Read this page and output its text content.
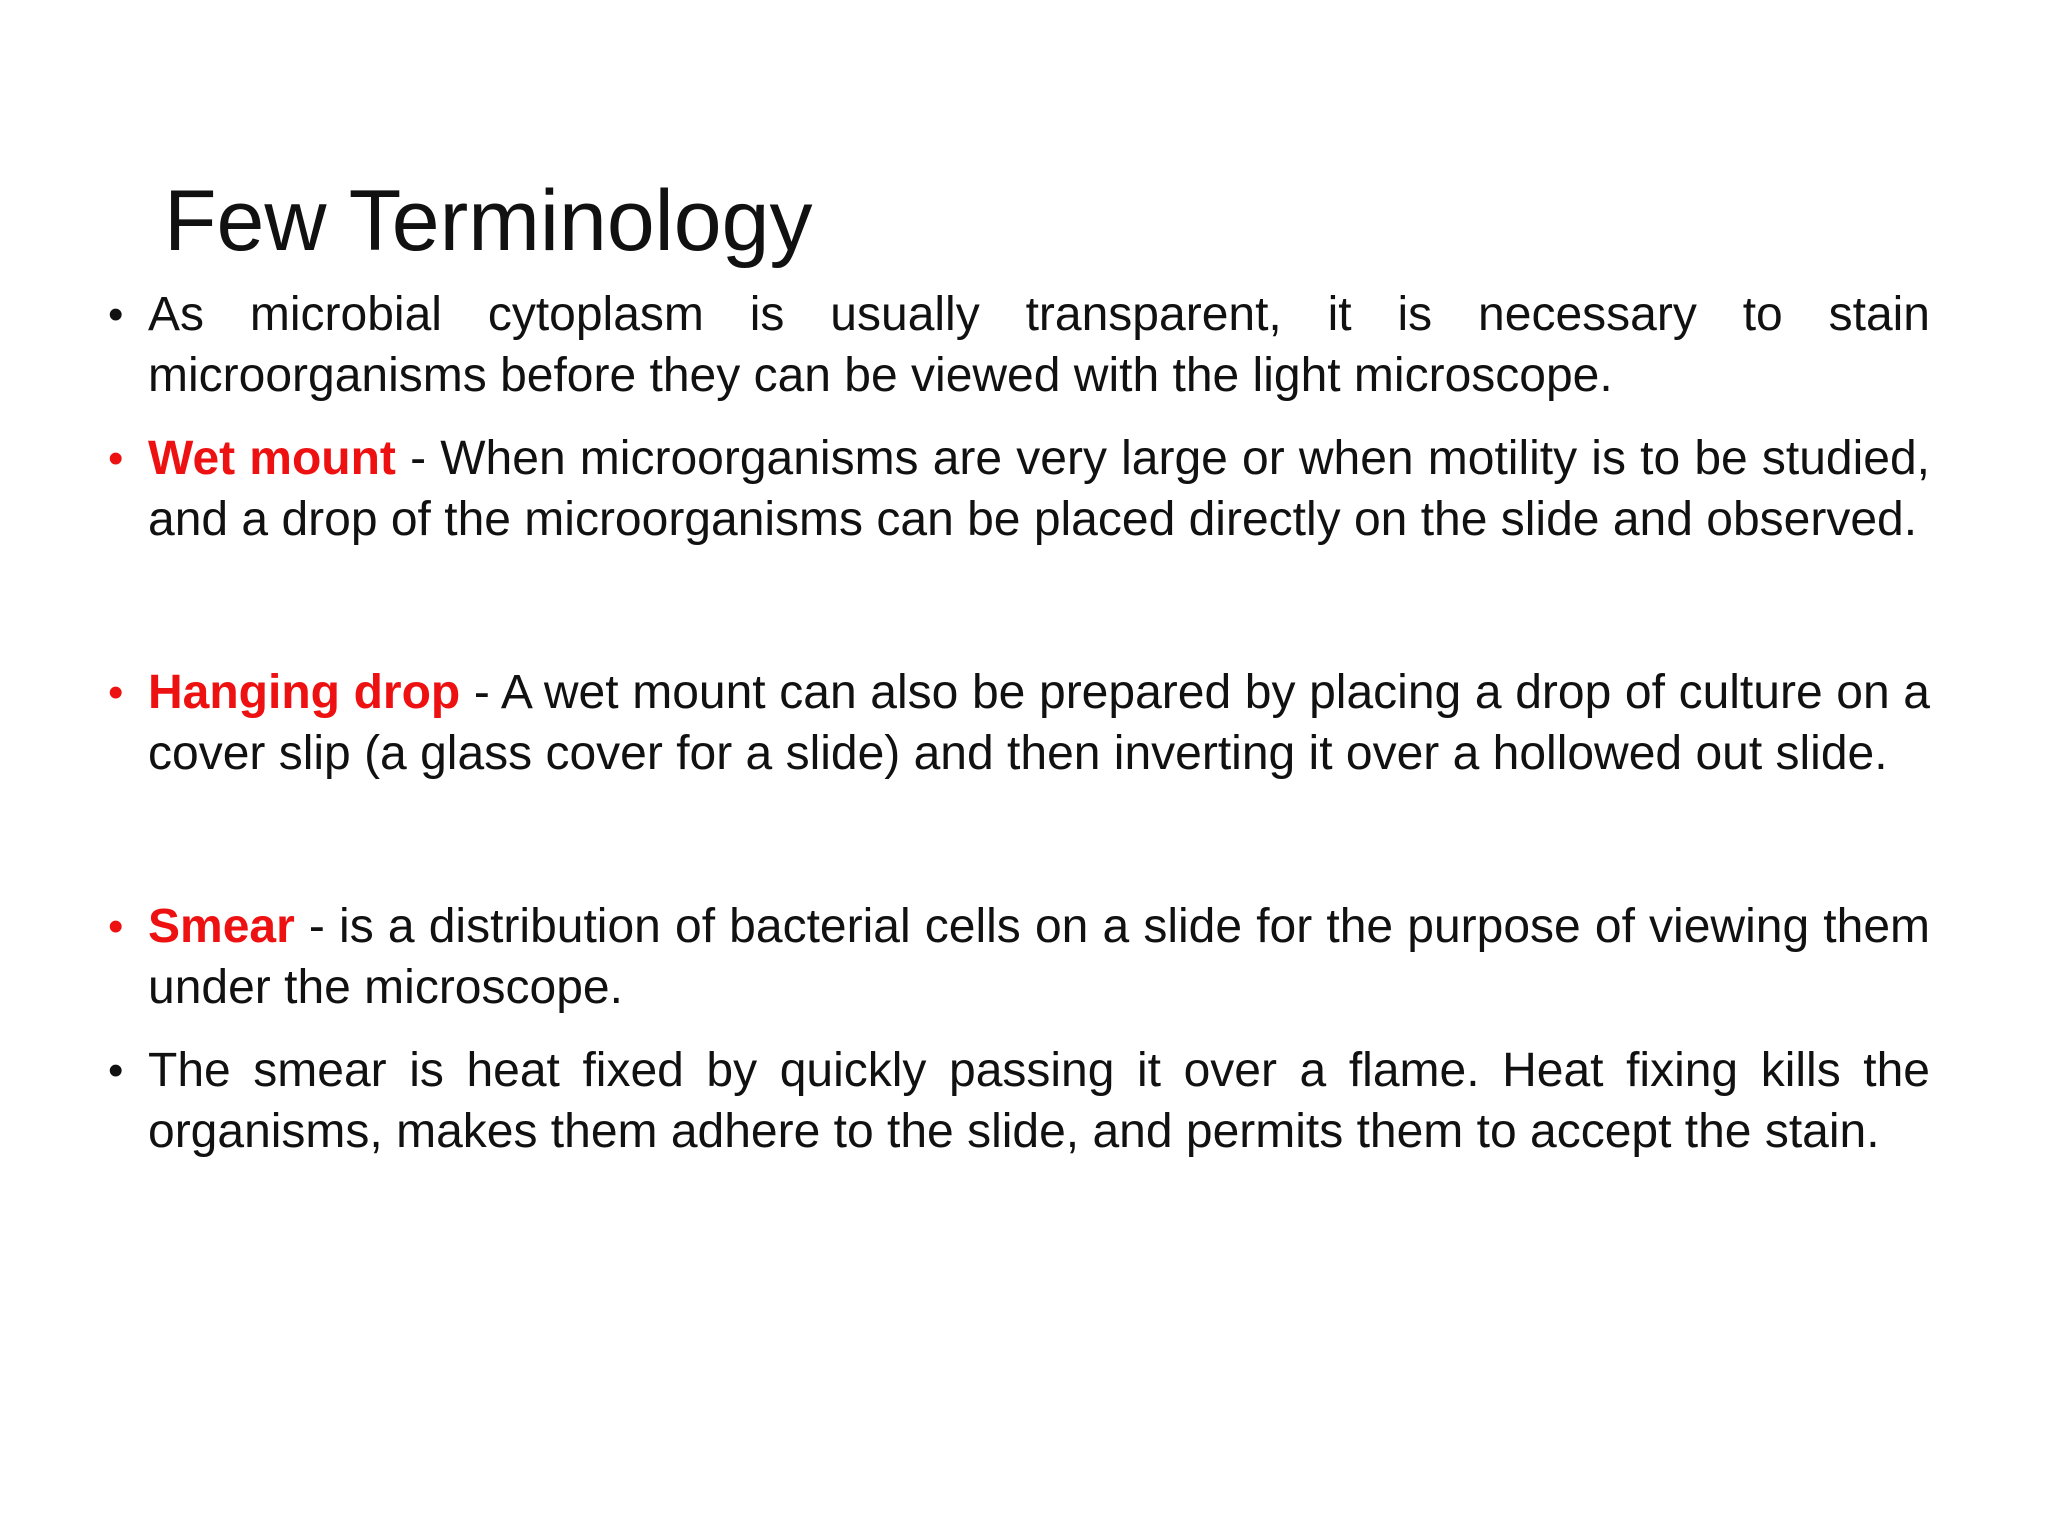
Few Terminology
• As microbial cytoplasm is usually transparent, it is necessary to stain microorganisms before they can be viewed with the light microscope.
• Wet mount - When microorganisms are very large or when motility is to be studied, and a drop of the microorganisms can be placed directly on the slide and observed.
• Hanging drop - A wet mount can also be prepared by placing a drop of culture on a cover slip (a glass cover for a slide) and then inverting it over a hollowed out slide.
• Smear - is a distribution of bacterial cells on a slide for the purpose of viewing them under the microscope.
• The smear is heat fixed by quickly passing it over a flame. Heat fixing kills the organisms, makes them adhere to the slide, and permits them to accept the stain.
